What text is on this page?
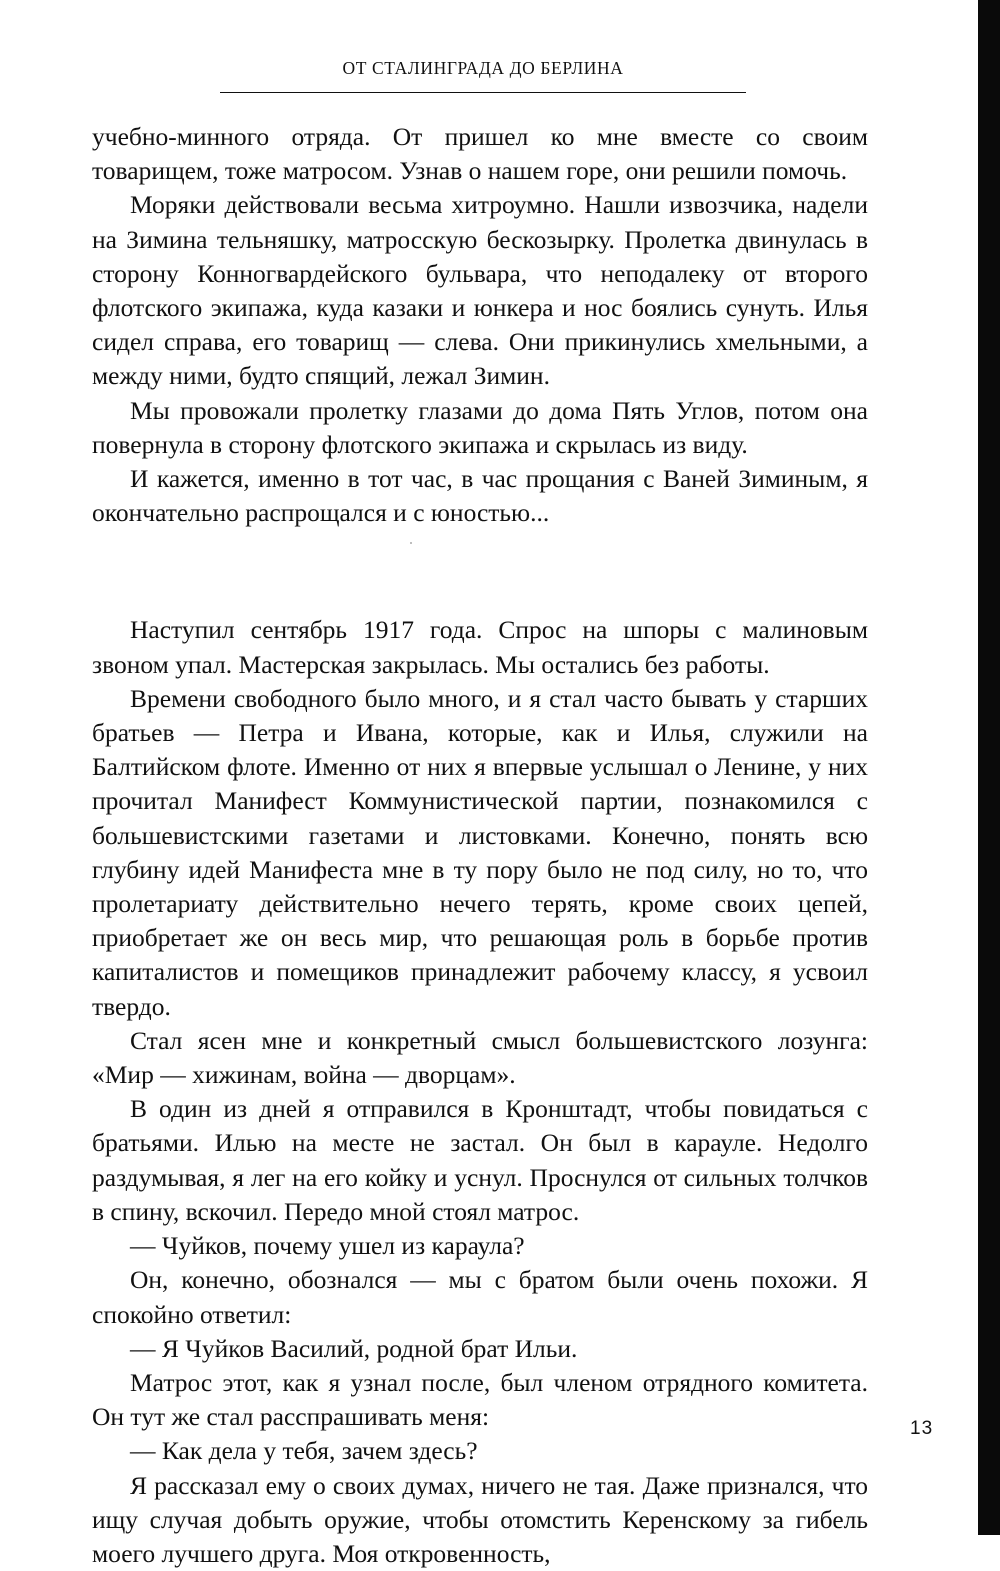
ОТ СТАЛИНГРАДА ДО БЕРЛИНА

учебно-минного отряда. От пришел ко мне вместе со своим товарищем, тоже матросом. Узнав о нашем горе, они решили помочь.

Моряки действовали весьма хитроумно. Нашли извозчика, надели на Зимина тельняшку, матросскую бескозырку. Пролетка двинулась в сторону Конногвардейского бульвара, что неподалеку от второго флотского экипажа, куда казаки и юнкера и нос боялись сунуть. Илья сидел справа, его товарищ — слева. Они прикинулись хмельными, а между ними, будто спящий, лежал Зимин.

Мы провожали пролетку глазами до дома Пять Углов, потом она повернула в сторону флотского экипажа и скрылась из виду.

И кажется, именно в тот час, в час прощания с Ваней Зиминым, я окончательно распрощался и с юностью...

Наступил сентябрь 1917 года. Спрос на шпоры с малиновым звоном упал. Мастерская закрылась. Мы остались без работы.

Времени свободного было много, и я стал часто бывать у старших братьев — Петра и Ивана, которые, как и Илья, служили на Балтийском флоте. Именно от них я впервые услышал о Ленине, у них прочитал Манифест Коммунистической партии, познакомился с большевистскими газетами и листовками. Конечно, понять всю глубину идей Манифеста мне в ту пору было не под силу, но то, что пролетариату действительно нечего терять, кроме своих цепей, приобретает же он весь мир, что решающая роль в борьбе против капиталистов и помещиков принадлежит рабочему классу, я усвоил твердо.

Стал ясен мне и конкретный смысл большевистского лозунга: «Мир — хижинам, война — дворцам».

В один из дней я отправился в Кронштадт, чтобы повидаться с братьями. Илью на месте не застал. Он был в карауле. Недолго раздумывая, я лег на его койку и уснул. Проснулся от сильных толчков в спину, вскочил. Передо мной стоял матрос.

— Чуйков, почему ушел из караула?

Он, конечно, обознался — мы с братом были очень похожи. Я спокойно ответил:

— Я Чуйков Василий, родной брат Ильи.

Матрос этот, как я узнал после, был членом отрядного комитета. Он тут же стал расспрашивать меня:

— Как дела у тебя, зачем здесь?

Я рассказал ему о своих думах, ничего не тая. Даже признался, что ищу случая добыть оружие, чтобы отомстить Керенскому за гибель моего лучшего друга. Моя откровенность,

13
